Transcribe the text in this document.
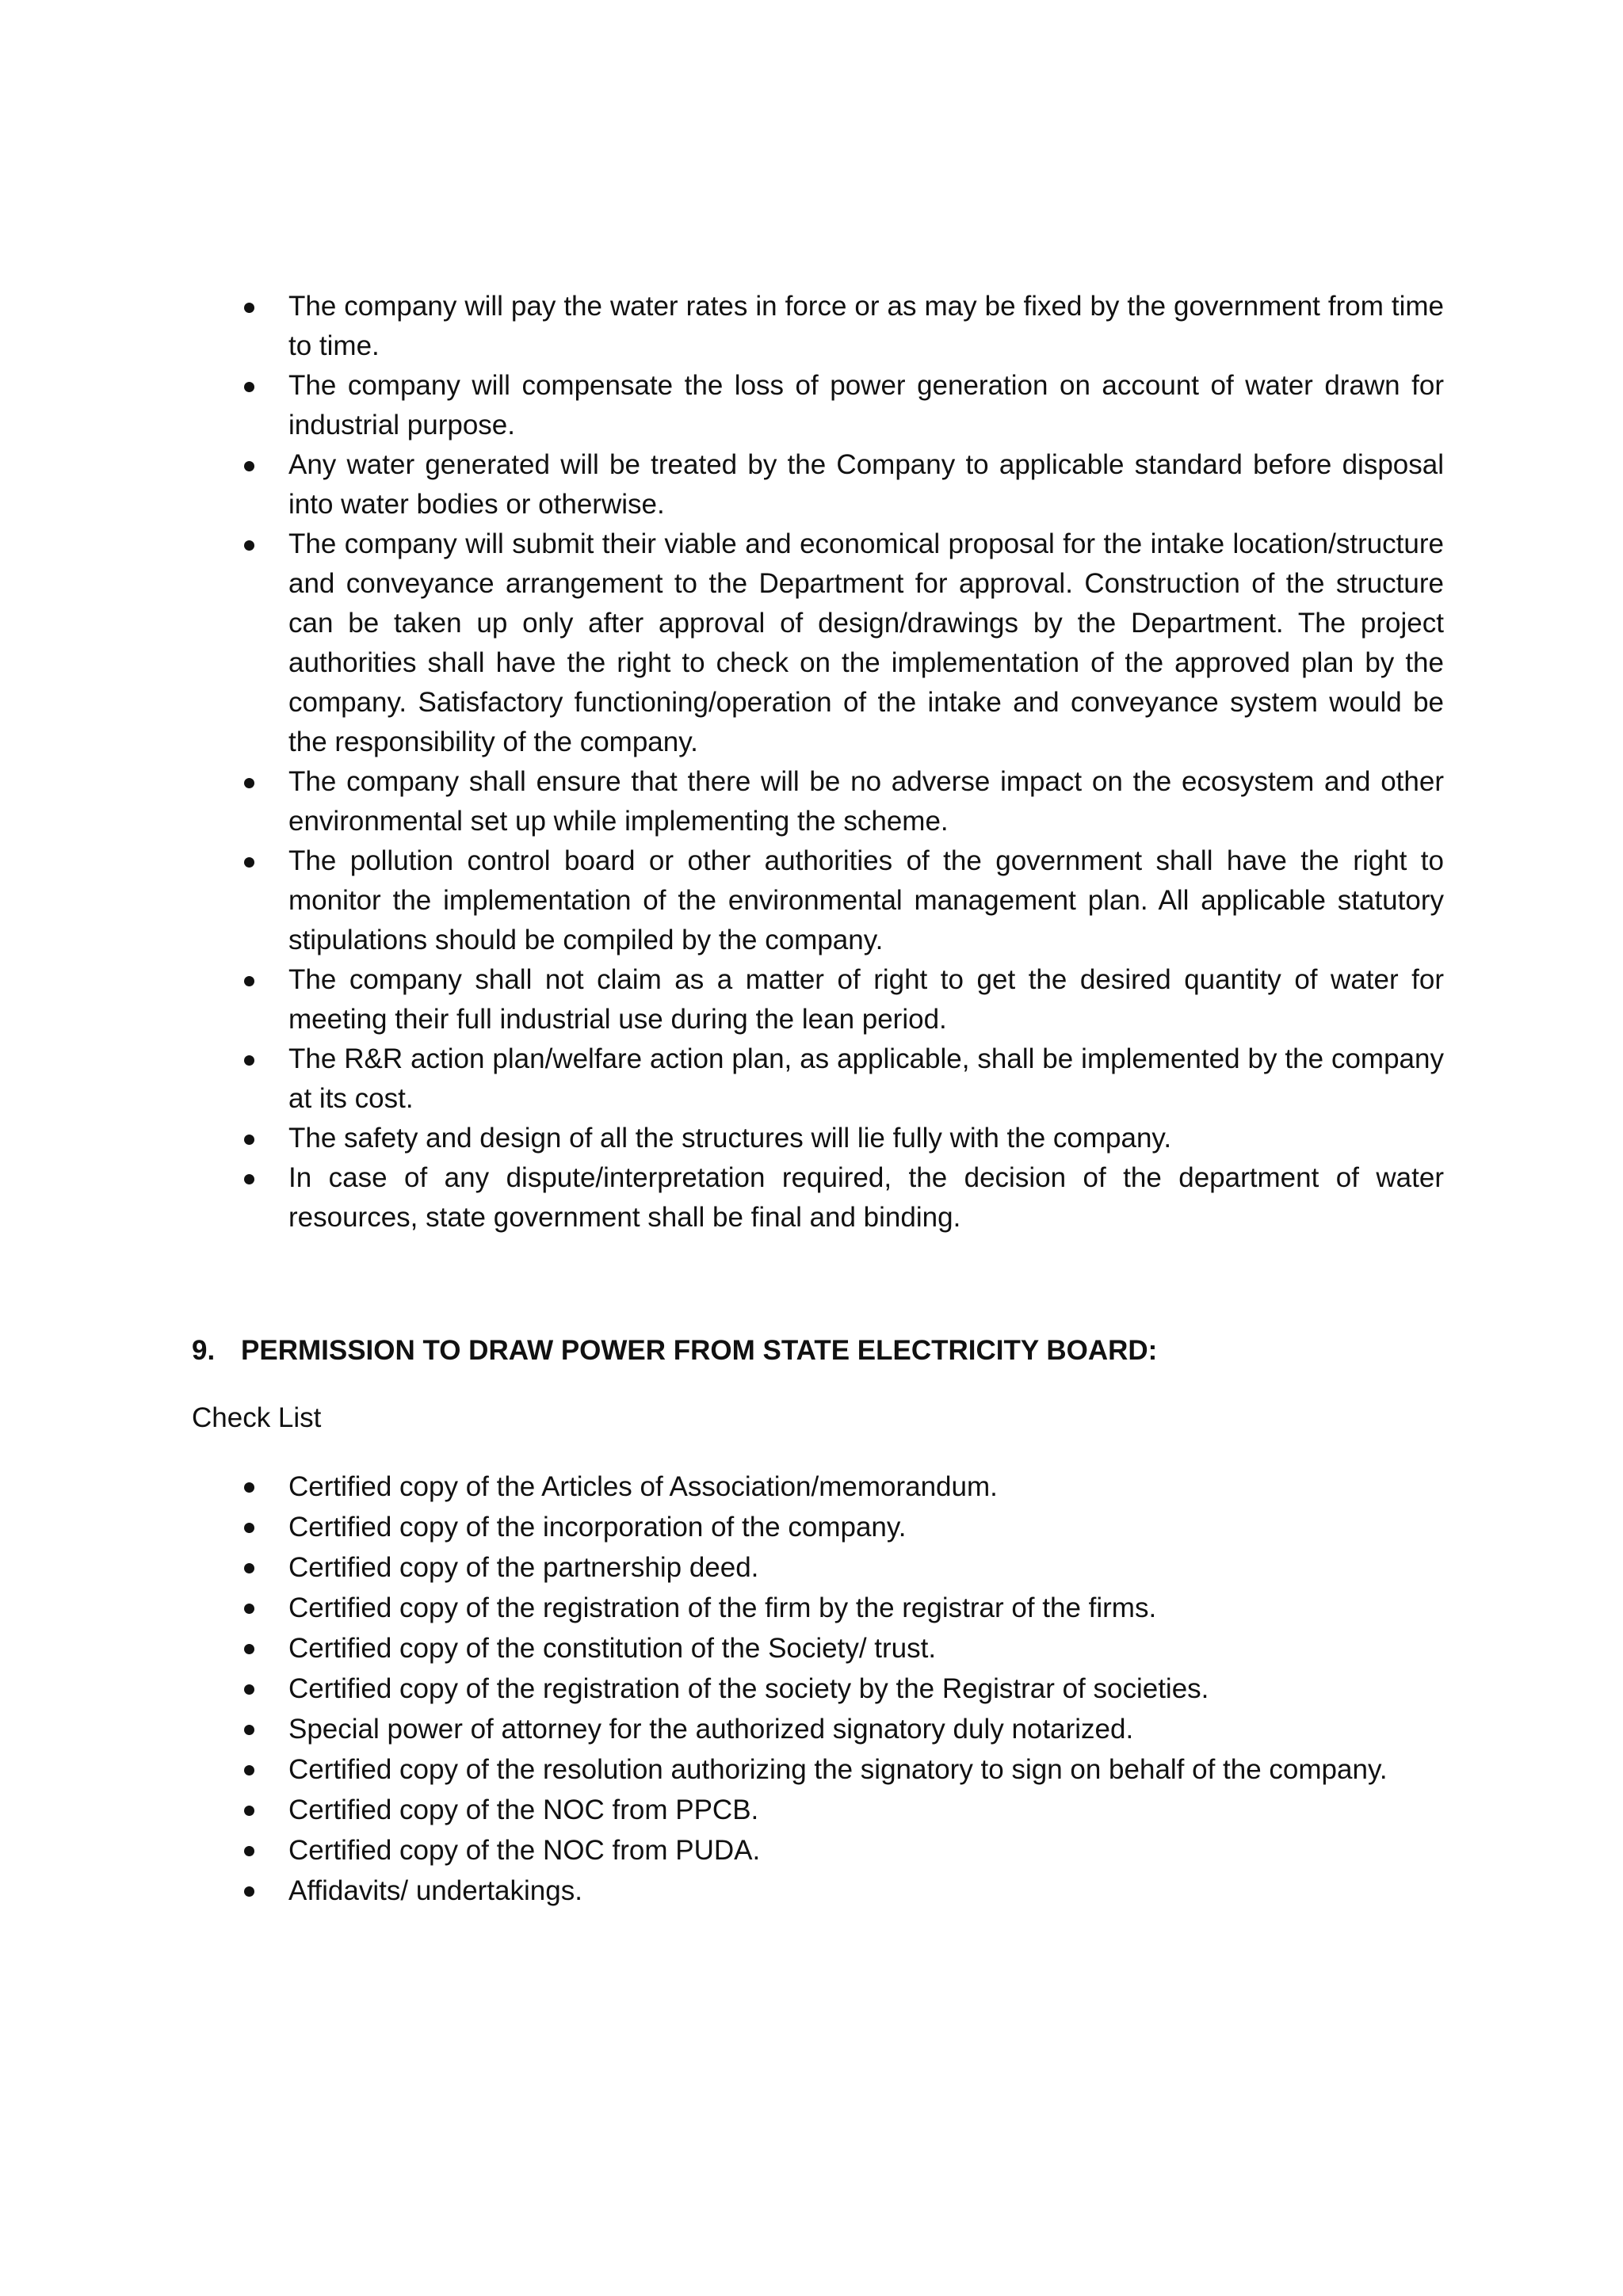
The company will pay the water rates in force or as may be fixed by the government from time to time.
The company will compensate the loss of power generation on account of water drawn for industrial purpose.
Any water generated will be treated by the Company to applicable standard before disposal into water bodies or otherwise.
The company will submit their viable and economical proposal for the intake location/structure and conveyance arrangement to the Department for approval. Construction of the structure can be taken up only after approval of design/drawings by the Department. The project authorities shall have the right to check on the implementation of the approved plan by the company. Satisfactory functioning/operation of the intake and conveyance system would be the responsibility of the company.
The company shall ensure that there will be no adverse impact on the ecosystem and other environmental set up while implementing the scheme.
The pollution control board or other authorities of the government shall have the right to monitor the implementation of the environmental management plan. All applicable statutory stipulations should be compiled by the company.
The company shall not claim as a matter of right to get the desired quantity of water for meeting their full industrial use during the lean period.
The R&R action plan/welfare action plan, as applicable, shall be implemented by the company at its cost.
The safety and design of all the structures will lie fully with the company.
In case of any dispute/interpretation required, the decision of the department of water resources, state government shall be final and binding.
9. PERMISSION TO DRAW POWER FROM STATE ELECTRICITY BOARD:
Check List
Certified copy of the Articles of Association/memorandum.
Certified copy of the incorporation of the company.
Certified copy of the partnership deed.
Certified copy of the registration of the firm by the registrar of the firms.
Certified copy of the constitution of the Society/ trust.
Certified copy of the registration of the society by the Registrar of societies.
Special power of attorney for the authorized signatory duly notarized.
Certified copy of the resolution authorizing the signatory to sign on behalf of the company.
Certified copy of the NOC from PPCB.
Certified copy of the NOC from PUDA.
Affidavits/ undertakings.
